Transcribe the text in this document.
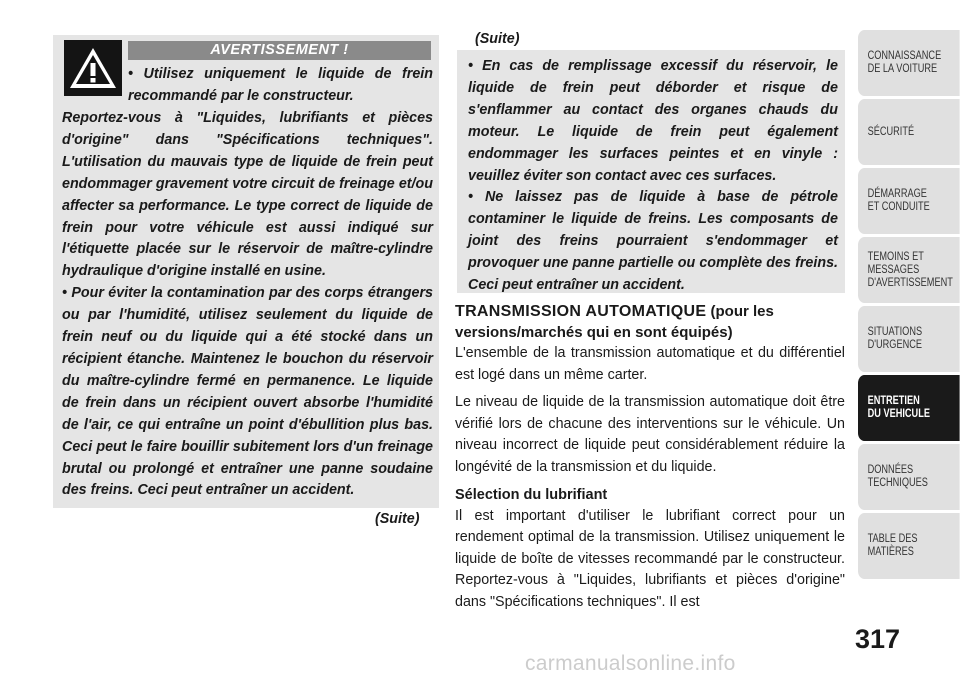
AVERTISSEMENT !

• Utilisez uniquement le liquide de frein recommandé par le constructeur.

Reportez-vous à "Liquides, lubrifiants et pièces d'origine" dans "Spécifications techniques". L'utilisation du mauvais type de liquide de frein peut endommager gravement votre circuit de freinage et/ou affecter sa performance. Le type correct de liquide de frein pour votre véhicule est aussi indiqué sur l'étiquette placée sur le réservoir de maître-cylindre hydraulique d'origine installé en usine.

• Pour éviter la contamination par des corps étrangers ou par l'humidité, utilisez seulement du liquide de frein neuf ou du liquide qui a été stocké dans un récipient étanche. Maintenez le bouchon du réservoir du maître-cylindre fermé en permanence. Le liquide de frein dans un récipient ouvert absorbe l'humidité de l'air, ce qui entraîne un point d'ébullition plus bas. Ceci peut le faire bouillir subitement lors d'un freinage brutal ou prolongé et entraîner une panne soudaine des freins. Ceci peut entraîner un accident.

(Suite)
(Suite)

• En cas de remplissage excessif du réservoir, le liquide de frein peut déborder et risque de s'enflammer au contact des organes chauds du moteur. Le liquide de frein peut également endommager les surfaces peintes et en vinyle : veuillez éviter son contact avec ces surfaces.

• Ne laissez pas de liquide à base de pétrole contaminer le liquide de freins. Les composants de joint des freins pourraient s'endommager et provoquer une panne partielle ou complète des freins. Ceci peut entraîner un accident.

TRANSMISSION AUTOMATIQUE (pour les versions/marchés qui en sont équipés)

L'ensemble de la transmission automatique et du différentiel est logé dans un même carter.

Le niveau de liquide de la transmission automatique doit être vérifié lors de chacune des interventions sur le véhicule. Un niveau incorrect de liquide peut considérablement réduire la longévité de la transmission et du liquide.

Sélection du lubrifiant

Il est important d'utiliser le lubrifiant correct pour un rendement optimal de la transmission. Utilisez uniquement le liquide de boîte de vitesses recommandé par le constructeur. Reportez-vous à "Liquides, lubrifiants et pièces d'origine" dans "Spécifications techniques". Il est

CONNAISSANCE
DE LA VOITURE
SÉCURITÉ
DÉMARRAGE
ET CONDUITE
TEMOINS ET
MESSAGES
D'AVERTISSEMENT
SITUATIONS
D'URGENCE
ENTRETIEN
DU VEHICULE
DONNÉES
TECHNIQUES
TABLE DES
MATIÈRES
317
carmanualsonline.info
